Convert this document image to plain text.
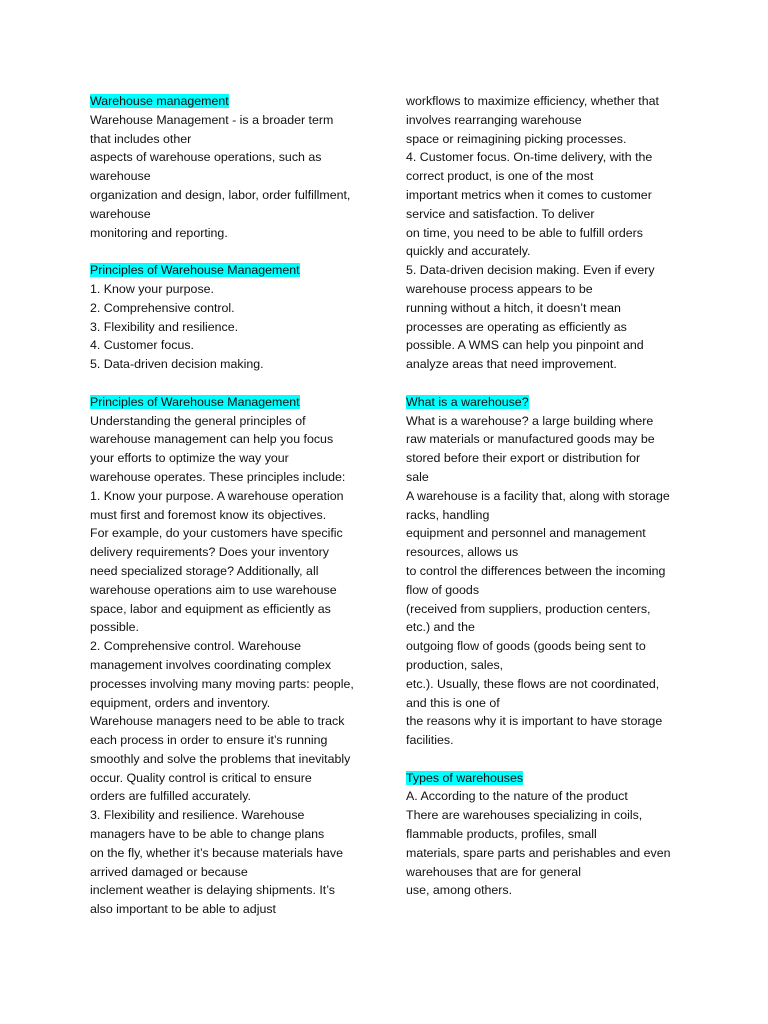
Warehouse management
Warehouse Management - is a broader term
that includes other
aspects of warehouse operations, such as
warehouse
organization and design, labor, order fulfillment,
warehouse
monitoring and reporting.
Principles of Warehouse Management
1. Know your purpose.
2. Comprehensive control.
3. Flexibility and resilience.
4. Customer focus.
5. Data-driven decision making.
Principles of Warehouse Management
Understanding the general principles of
warehouse management can help you focus
your efforts to optimize the way your
warehouse operates. These principles include:
1. Know your purpose. A warehouse operation
must first and foremost know its objectives.
For example, do your customers have specific
delivery requirements? Does your inventory
need specialized storage? Additionally, all
warehouse operations aim to use warehouse
space, labor and equipment as efficiently as
possible.
2. Comprehensive control. Warehouse
management involves coordinating complex
processes involving many moving parts: people,
equipment, orders and inventory.
Warehouse managers need to be able to track
each process in order to ensure it’s running
smoothly and solve the problems that inevitably
occur. Quality control is critical to ensure
orders are fulfilled accurately.
3. Flexibility and resilience. Warehouse
managers have to be able to change plans
on the fly, whether it’s because materials have
arrived damaged or because
inclement weather is delaying shipments. It’s
also important to be able to adjust
workflows to maximize efficiency, whether that
involves rearranging warehouse
space or reimagining picking processes.
4. Customer focus. On-time delivery, with the
correct product, is one of the most
important metrics when it comes to customer
service and satisfaction. To deliver
on time, you need to be able to fulfill orders
quickly and accurately.
5. Data-driven decision making. Even if every
warehouse process appears to be
running without a hitch, it doesn’t mean
processes are operating as efficiently as
possible. A WMS can help you pinpoint and
analyze areas that need improvement.
What is a warehouse?
What is a warehouse? a large building where
raw materials or manufactured goods may be
stored before their export or distribution for
sale
A warehouse is a facility that, along with storage
racks, handling
equipment and personnel and management
resources, allows us
to control the differences between the incoming
flow of goods
(received from suppliers, production centers,
etc.) and the
outgoing flow of goods (goods being sent to
production, sales,
etc.). Usually, these flows are not coordinated,
and this is one of
the reasons why it is important to have storage
facilities.
Types of warehouses
A. According to the nature of the product
There are warehouses specializing in coils,
flammable products, profiles, small
materials, spare parts and perishables and even
warehouses that are for general
use, among others.
